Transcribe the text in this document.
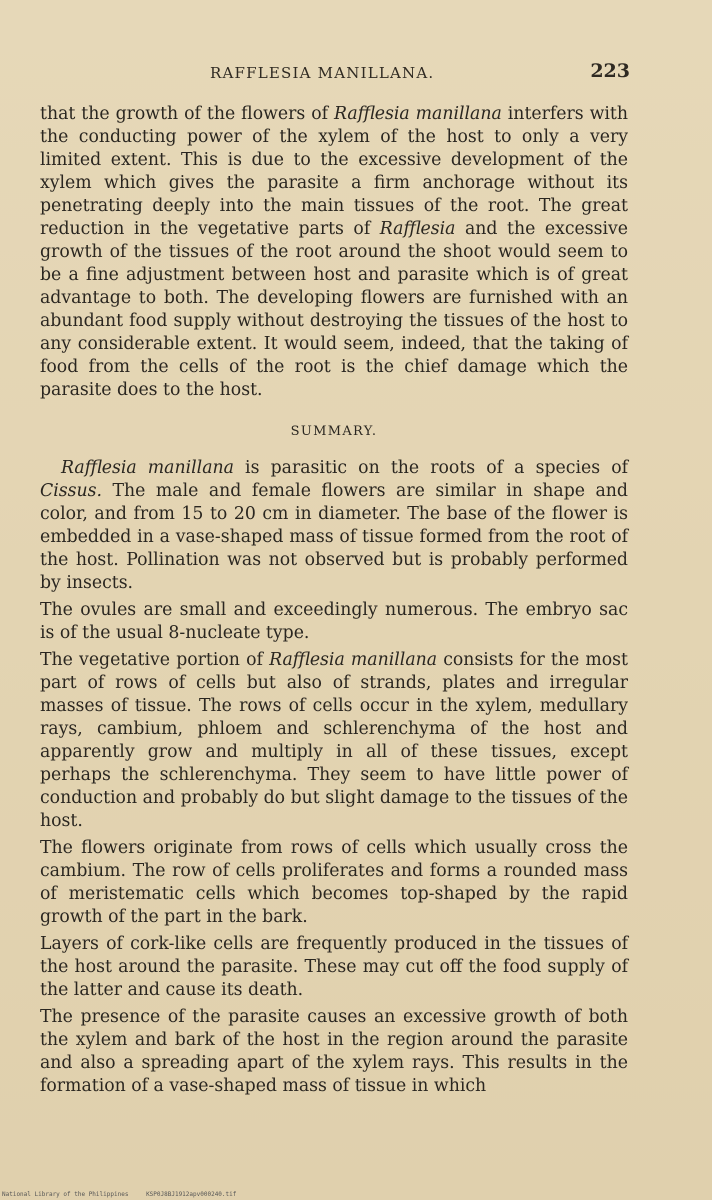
RAFFLESIA MANILLANA.	223

that the growth of the flowers of Rafflesia manillana interfers with the conducting power of the xylem of the host to only a very limited extent. This is due to the excessive development of the xylem which gives the parasite a firm anchorage without its penetrating deeply into the main tissues of the root. The great reduction in the vegetative parts of Rafflesia and the excessive growth of the tissues of the root around the shoot would seem to be a fine adjustment between host and parasite which is of great advantage to both. The developing flowers are furnished with an abundant food supply without destroying the tissues of the host to any considerable extent. It would seem, indeed, that the taking of food from the cells of the root is the chief damage which the parasite does to the host.

SUMMARY.

Rafflesia manillana is parasitic on the roots of a species of Cissus. The male and female flowers are similar in shape and color, and from 15 to 20 cm in diameter. The base of the flower is embedded in a vase-shaped mass of tissue formed from the root of the host. Pollination was not observed but is probably performed by insects.

The ovules are small and exceedingly numerous. The embryo sac is of the usual 8-nucleate type.

The vegetative portion of Rafflesia manillana consists for the most part of rows of cells but also of strands, plates and irregular masses of tissue. The rows of cells occur in the xylem, medullary rays, cambium, phloem and schlerenchyma of the host and apparently grow and multiply in all of these tissues, except perhaps the schlerenchyma. They seem to have little power of conduction and probably do but slight damage to the tissues of the host.

The flowers originate from rows of cells which usually cross the cambium. The row of cells proliferates and forms a rounded mass of meristematic cells which becomes top-shaped by the rapid growth of the part in the bark.

Layers of cork-like cells are frequently produced in the tissues of the host around the parasite. These may cut off the food supply of the latter and cause its death.

The presence of the parasite causes an excessive growth of both the xylem and bark of the host in the region around the parasite and also a spreading apart of the xylem rays. This results in the formation of a vase-shaped mass of tissue in which

National Library of the Philippines	KSP0J8BJ1912apv000240.tif
